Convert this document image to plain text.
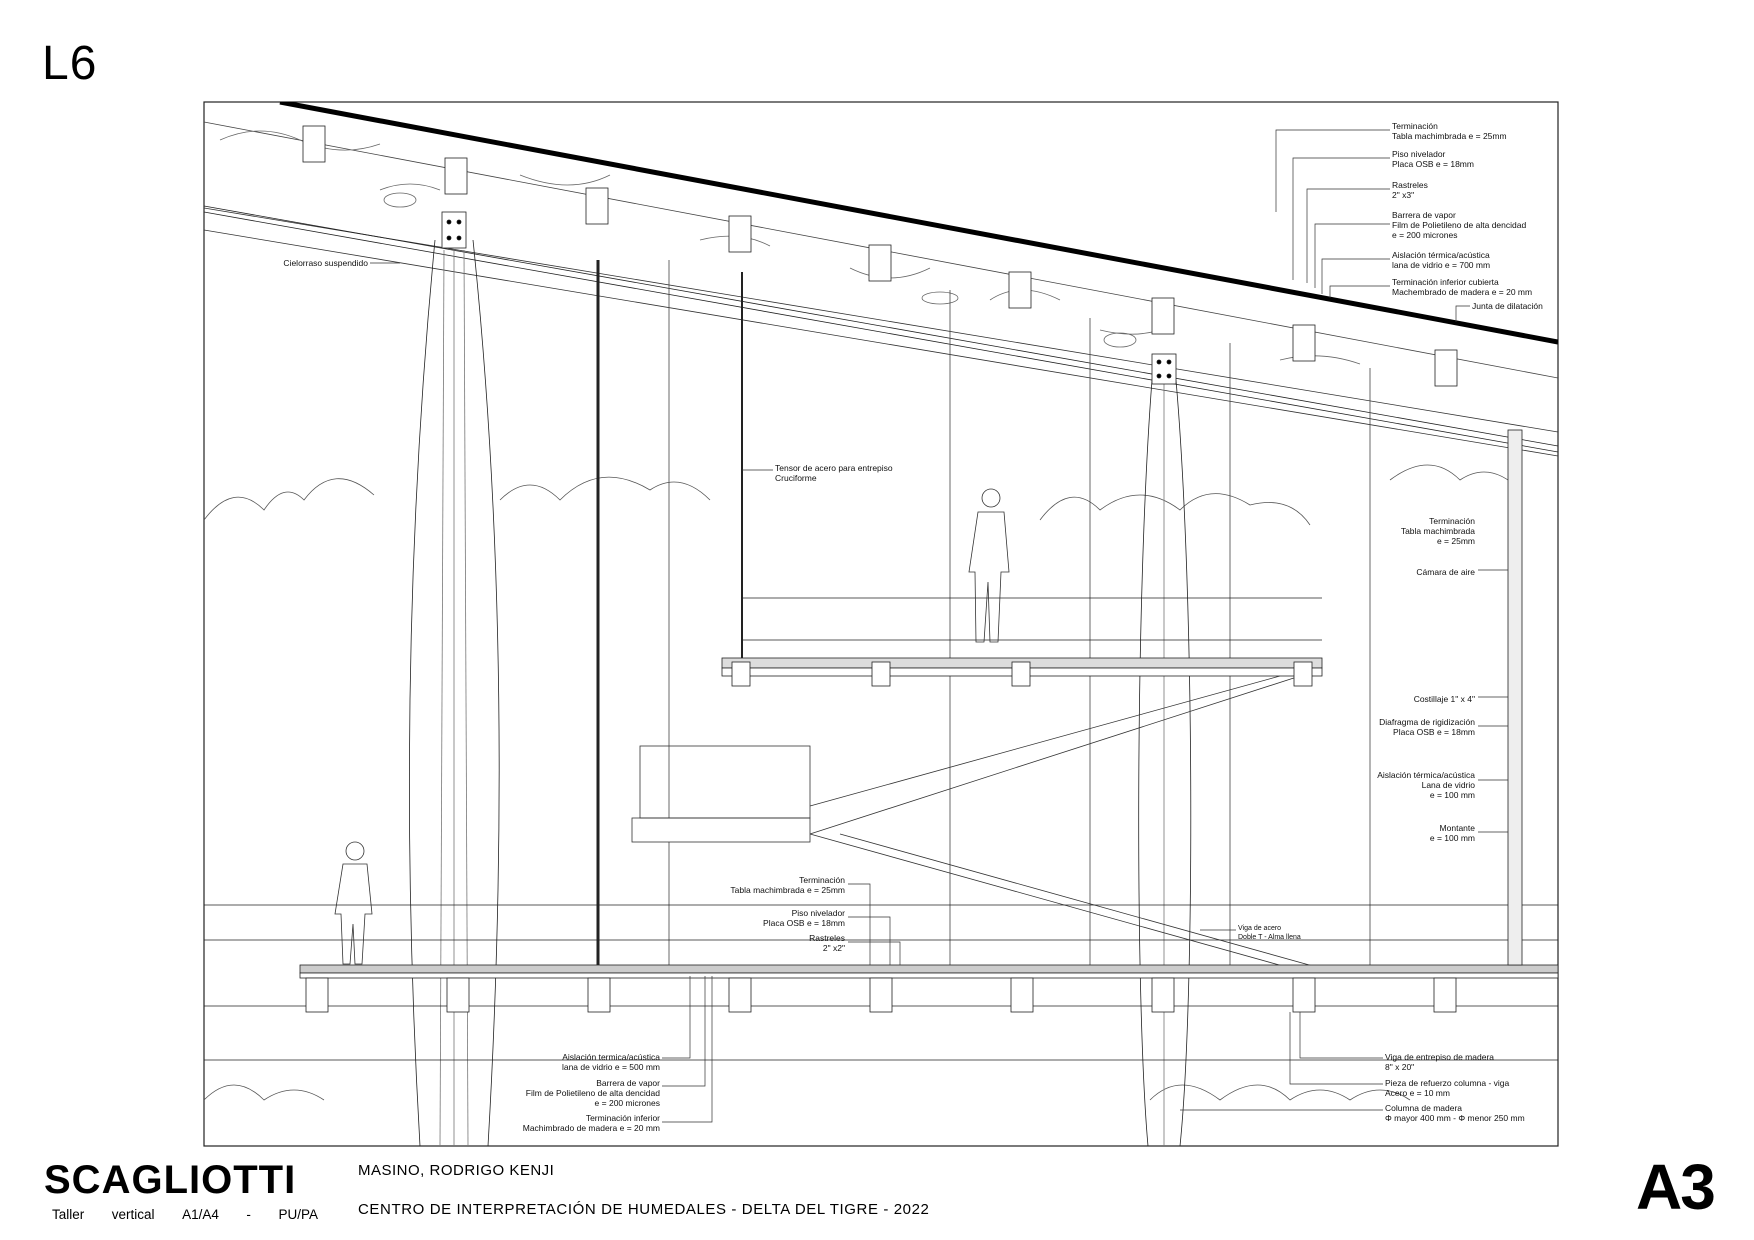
L6
Terminación
Tabla machimbrada e = 25mm
Piso nivelador
Placa OSB e = 18mm
Rastreles
2" x3"
Barrera de vapor
Film de Polietileno de alta dencidad
e = 200 micrones
Aislación térmica/acústica
lana de vidrio e = 700 mm
Terminación inferior cubierta
Machembrado de madera e = 20 mm
Junta de dilatación
Cielorraso suspendido
Tensor de acero para entrepiso
Cruciforme
Terminación
Tabla machimbrada
e = 25mm
Cámara de aire
Costillaje 1" x 4"
Diafragma de rigidización
Placa OSB e = 18mm
Aislación térmica/acústica
Lana de vidrio
e = 100 mm
Montante
e = 100 mm
Terminación
Tabla machimbrada e = 25mm
Piso nivelador
Placa OSB e = 18mm
Rastreles
2" x2"
Viga de acero
Doble T - Alma llena
Aislación termica/acústica
lana de vidrio e = 500 mm
Barrera de vapor
Film de Polietileno de alta dencidad
e = 200 micrones
Terminación inferior
Machimbrado de madera e = 20 mm
Viga de entrepiso de madera
8" x 20"
Pieza de refuerzo columna - viga
Acero e = 10 mm
Columna de madera
Φ mayor 400 mm - Φ menor 250 mm
SCAGLIOTTI
Taller vertical A1/A4 - PU/PA
MASINO, RODRIGO KENJI
CENTRO DE INTERPRETACIÓN DE HUMEDALES - DELTA DEL TIGRE - 2022	A3
